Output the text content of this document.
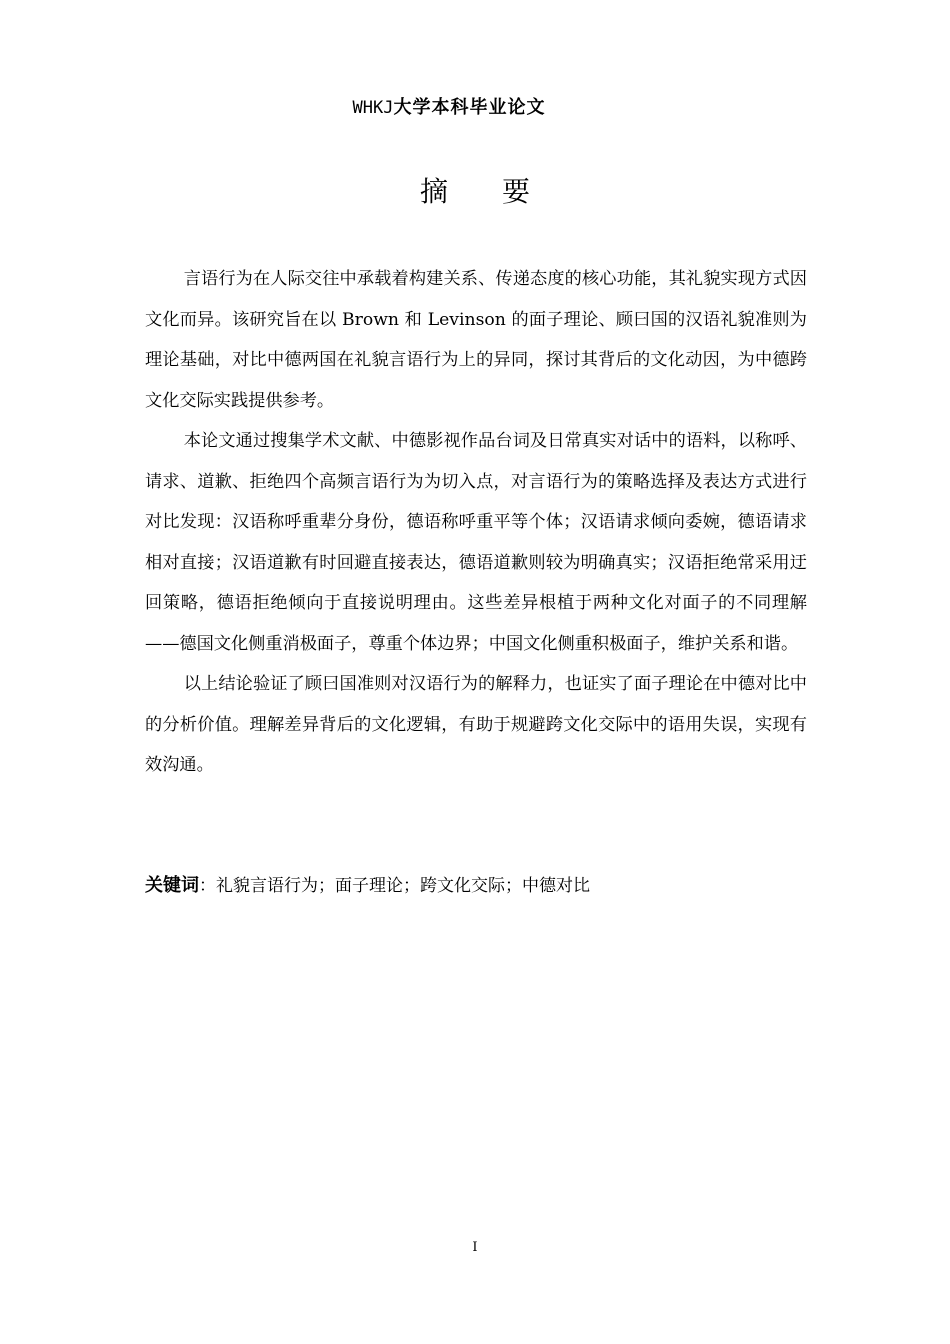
WHKJ大学本科毕业论文
摘要

言语行为在人际交往中承载着构建关系、传递态度的核心功能，其礼貌实现方式因文化而异。该研究旨在以 Brown 和 Levinson 的面子理论、顾曰国的汉语礼貌准则为理论基础，对比中德两国在礼貌言语行为上的异同，探讨其背后的文化动因，为中德跨文化交际实践提供参考。

本论文通过搜集学术文献、中德影视作品台词及日常真实对话中的语料，以称呼、请求、道歉、拒绝四个高频言语行为为切入点，对言语行为的策略选择及表达方式进行对比发现：汉语称呼重辈分身份，德语称呼重平等个体；汉语请求倾向委婉，德语请求相对直接；汉语道歉有时回避直接表达，德语道歉则较为明确真实；汉语拒绝常采用迂回策略，德语拒绝倾向于直接说明理由。这些差异根植于两种文化对面子的不同理解——德国文化侧重消极面子，尊重个体边界；中国文化侧重积极面子，维护关系和谐。

以上结论验证了顾曰国准则对汉语行为的解释力，也证实了面子理论在中德对比中的分析价值。理解差异背后的文化逻辑，有助于规避跨文化交际中的语用失误，实现有效沟通。

关键词：礼貌言语行为；面子理论；跨文化交际；中德对比
I
